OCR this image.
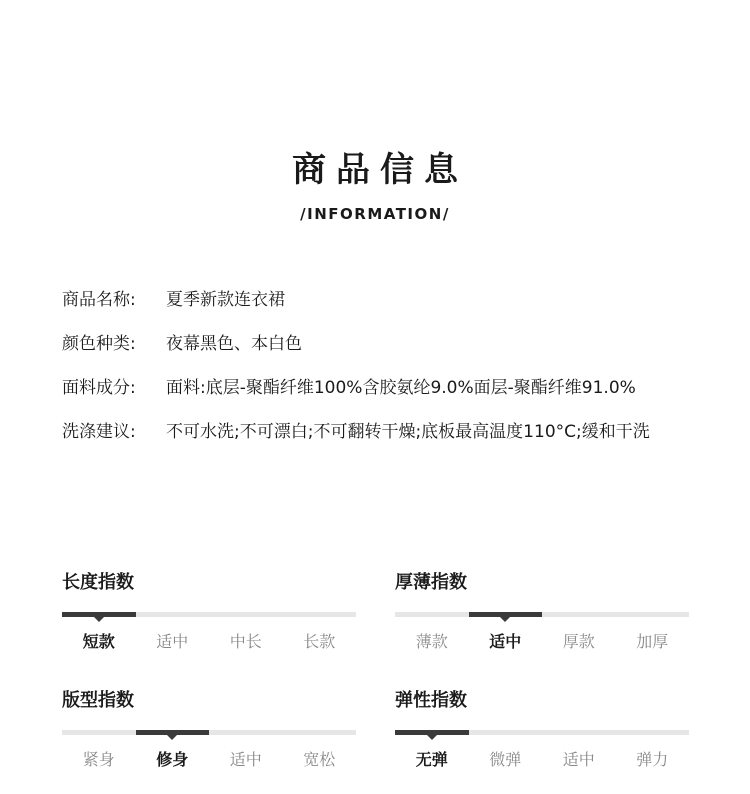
商品信息
/INFORMATION/
商品名称:	夏季新款连衣裙
颜色种类:	夜幕黑色、本白色
面料成分:	面料:底层-聚酯纤维100%含胶氨纶9.0%面层-聚酯纤维91.0%
洗涤建议:	不可水洗;不可漂白;不可翻转干燥;底板最高温度110°C;缓和干洗
长度指数
短款	适中	中长	长款
厚薄指数
薄款	适中	厚款	加厚
版型指数
紧身	修身	适中	宽松
弹性指数
无弹	微弹	适中	弹力
